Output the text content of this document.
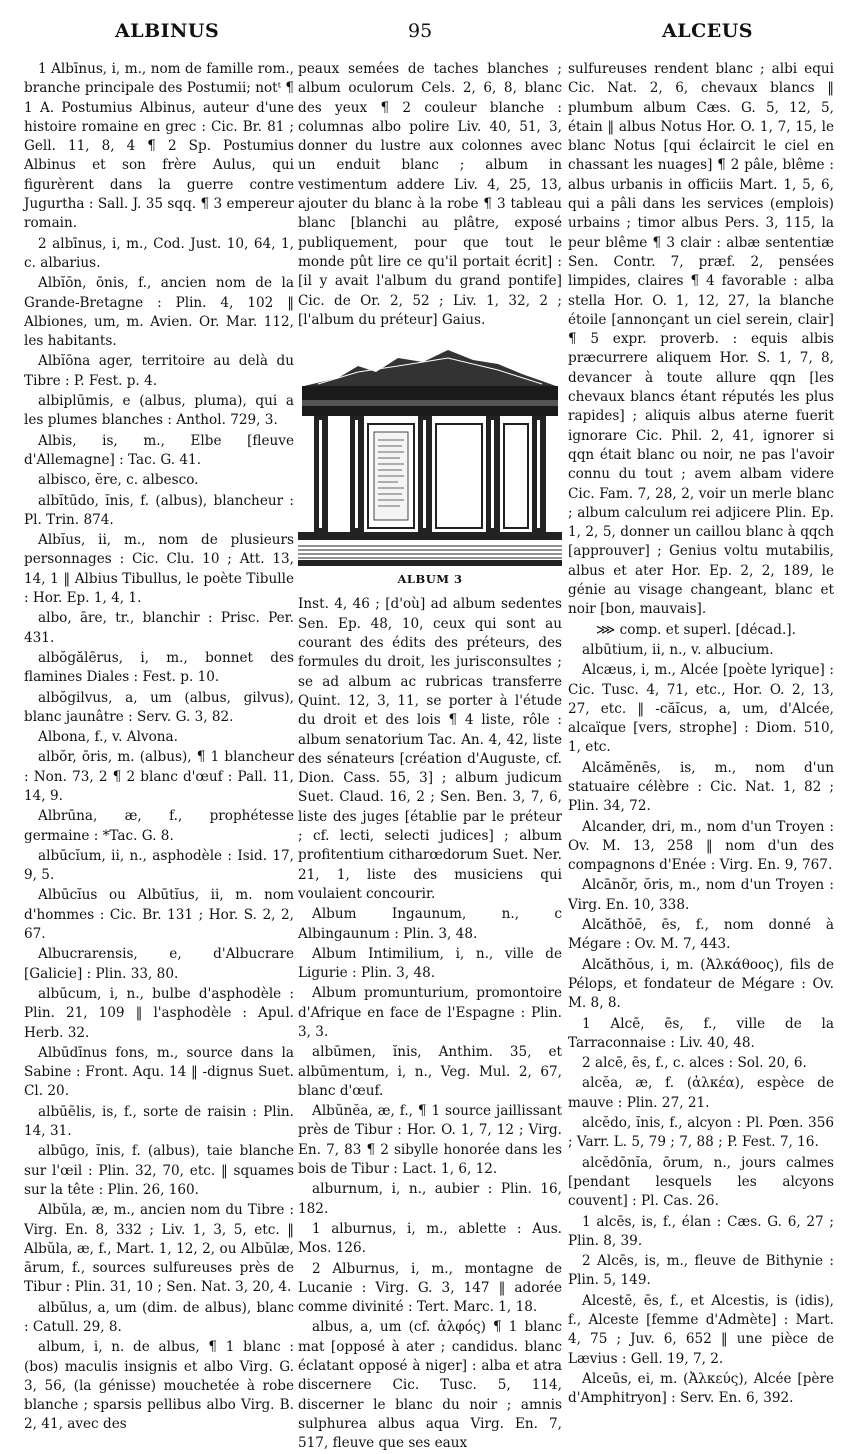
ALBINUS	95	ALCEUS

1 Albīnus, i, m., nom de famille rom., branche principale des Postumii; notᵗ ¶ 1 A. Postumius Albinus, auteur d'une histoire romaine en grec : Cic. Br. 81 ; Gell. 11, 8, 4 ¶ 2 Sp. Postumius Albinus et son frère Aulus, qui figurèrent dans la guerre contre Jugurtha : Sall. J. 35 sqq. ¶ 3 empereur romain.

2 albīnus, i, m., Cod. Just. 10, 64, 1, c. albarius.

Albĭōn, ōnis, f., ancien nom de la Grande-Bretagne : Plin. 4, 102 ‖ Albiones, um, m. Avien. Or. Mar. 112, les habitants.

Albĭōna ager, territoire au delà du Tibre : P. Fest. p. 4.

albiplūmis, e (albus, pluma), qui a les plumes blanches : Anthol. 729, 3.

Albis, is, m., Elbe [fleuve d'Allemagne] : Tac. G. 41.

albisco, ĕre, c. albesco.

albĭtūdo, ĭnis, f. (albus), blancheur : Pl. Trin. 874.

Albĭus, ii, m., nom de plusieurs personnages : Cic. Clu. 10 ; Att. 13, 14, 1 ‖ Albius Tibullus, le poète Tibulle : Hor. Ep. 1, 4, 1.

albo, āre, tr., blanchir : Prisc. Per. 431.

albŏgălērus, i, m., bonnet des flamines Diales : Fest. p. 10.

albŏgilvus, a, um (albus, gilvus), blanc jaunâtre : Serv. G. 3, 82.

Albona, f., v. Alvona.

albŏr, ōris, m. (albus), ¶ 1 blancheur : Non. 73, 2 ¶ 2 blanc d'œuf : Pall. 11, 14, 9.

Albrūna, æ, f., prophétesse germaine : *Tac. G. 8.

albūcĭum, ii, n., asphodèle : Isid. 17, 9, 5.

Albūcĭus ou Albūtĭus, ii, m. nom d'hommes : Cic. Br. 131 ; Hor. S. 2, 2, 67.

Albucrarensis, e, d'Albucrare [Galicie] : Plin. 33, 80.

albūcum, i, n., bulbe d'asphodèle : Plin. 21, 109 ‖ l'asphodèle : Apul. Herb. 32.

Albūdīnus fons, m., source dans la Sabine : Front. Aqu. 14 ‖ -dignus Suet. Cl. 20.

albūēlis, is, f., sorte de raisin : Plin. 14, 31.

albūgo, ĭnis, f. (albus), taie blanche sur l'œil : Plin. 32, 70, etc. ‖ squames sur la tête : Plin. 26, 160.

Albŭla, æ, m., ancien nom du Tibre : Virg. En. 8, 332 ; Liv. 1, 3, 5, etc. ‖ Albŭla, æ, f., Mart. 1, 12, 2, ou Albŭlæ, ārum, f., sources sulfureuses près de Tibur : Plin. 31, 10 ; Sen. Nat. 3, 20, 4.

albŭlus, a, um (dim. de albus), blanc : Catull. 29, 8.

album, i, n. de albus, ¶ 1 blanc : (bos) maculis insignis et albo Virg. G. 3, 56, (la génisse) mouchetée à robe blanche ; sparsis pellibus albo Virg. B. 2, 41, avec des

peaux semées de taches blanches ; album oculorum Cels. 2, 6, 8, blanc des yeux ¶ 2 couleur blanche : columnas albo polire Liv. 40, 51, 3, donner du lustre aux colonnes avec un enduit blanc ; album in vestimentum addere Liv. 4, 25, 13, ajouter du blanc à la robe ¶ 3 tableau blanc [blanchi au plâtre, exposé publiquement, pour que tout le monde pût lire ce qu'il portait écrit] : [il y avait l'album du grand pontife] Cic. de Or. 2, 52 ; Liv. 1, 32, 2 ; [l'album du préteur] Gaius.

ALBUM 3

Inst. 4, 46 ; [d'où] ad album sedentes Sen. Ep. 48, 10, ceux qui sont au courant des édits des préteurs, des formules du droit, les jurisconsultes ; se ad album ac rubricas transferre Quint. 12, 3, 11, se porter à l'étude du droit et des lois ¶ 4 liste, rôle : album senatorium Tac. An. 4, 42, liste des sénateurs [création d'Auguste, cf. Dion. Cass. 55, 3] ; album judicum Suet. Claud. 16, 2 ; Sen. Ben. 3, 7, 6, liste des juges [établie par le préteur ; cf. lecti, selecti judices] ; album profitentium citharœdorum Suet. Ner. 21, 1, liste des musiciens qui voulaient concourir.

Album Ingaunum, n., c Albingaunum : Plin. 3, 48.

Album Intimilium, i, n., ville de Ligurie : Plin. 3, 48.

Album promunturium, promontoire d'Afrique en face de l'Espagne : Plin. 3, 3.

albūmen, ĭnis, Anthim. 35, et albūmentum, i, n., Veg. Mul. 2, 67, blanc d'œuf.

Albŭnĕa, æ, f., ¶ 1 source jaillissant près de Tibur : Hor. O. 1, 7, 12 ; Virg. En. 7, 83 ¶ 2 sibylle honorée dans les bois de Tibur : Lact. 1, 6, 12.

alburnum, i, n., aubier : Plin. 16, 182.

1 alburnus, i, m., ablette : Aus. Mos. 126.

2 Alburnus, i, m., montagne de Lucanie : Virg. G. 3, 147 ‖ adorée comme divinité : Tert. Marc. 1, 18.

albus, a, um (cf. ἀλφός) ¶ 1 blanc mat [opposé à ater ; candidus. blanc éclatant opposé à niger] : alba et atra discernere Cic. Tusc. 5, 114, discerner le blanc du noir ; amnis sulphurea albus aqua Virg. En. 7, 517, fleuve que ses eaux

sulfureuses rendent blanc ; albi equi Cic. Nat. 2, 6, chevaux blancs ‖ plumbum album Cæs. G. 5, 12, 5, étain ‖ albus Notus Hor. O. 1, 7, 15, le blanc Notus [qui éclaircit le ciel en chassant les nuages] ¶ 2 pâle, blême : albus urbanis in officiis Mart. 1, 5, 6, qui a pâli dans les services (emplois) urbains ; timor albus Pers. 3, 115, la peur blême ¶ 3 clair : albæ sententiæ Sen. Contr. 7, præf. 2, pensées limpides, claires ¶ 4 favorable : alba stella Hor. O. 1, 12, 27, la blanche étoile [annonçant un ciel serein, clair] ¶ 5 expr. proverb. : equis albis præcurrere aliquem Hor. S. 1, 7, 8, devancer à toute allure qqn [les chevaux blancs étant réputés les plus rapides] ; aliquis albus aterne fuerit ignorare Cic. Phil. 2, 41, ignorer si qqn était blanc ou noir, ne pas l'avoir connu du tout ; avem albam videre Cic. Fam. 7, 28, 2, voir un merle blanc ; album calculum rei adjicere Plin. Ep. 1, 2, 5, donner un caillou blanc à qqch [approuver] ; Genius voltu mutabilis, albus et ater Hor. Ep. 2, 2, 189, le génie au visage changeant, blanc et noir [bon, mauvais].

⋙ comp. et superl. [décad.].

albūtium, ii, n., v. albucium.

Alcæus, i, m., Alcée [poète lyrique] : Cic. Tusc. 4, 71, etc., Hor. O. 2, 13, 27, etc. ‖ -căĭcus, a, um, d'Alcée, alcaïque [vers, strophe] : Diom. 510, 1, etc.

Alcămĕnēs, is, m., nom d'un statuaire célèbre : Cic. Nat. 1, 82 ; Plin. 34, 72.

Alcander, dri, m., nom d'un Troyen : Ov. M. 13, 258 ‖ nom d'un des compagnons d'Enée : Virg. En. 9, 767.

Alcānŏr, ŏris, m., nom d'un Troyen : Virg. En. 10, 338.

Alcăthŏē, ēs, f., nom donné à Mégare : Ov. M. 7, 443.

Alcăthŏus, i, m. (Ἀλκάθοος), fils de Pélops, et fondateur de Mégare : Ov. M. 8, 8.

1 Alcē, ēs, f., ville de la Tarraconnaise : Liv. 40, 48.

2 alcē, ēs, f., c. alces : Sol. 20, 6.

alcĕa, æ, f. (ἀλκέα), espèce de mauve : Plin. 27, 21.

alcĕdo, ĭnis, f., alcyon : Pl. Pœn. 356 ; Varr. L. 5, 79 ; 7, 88 ; P. Fest. 7, 16.

alcĕdōnĭa, ōrum, n., jours calmes [pendant lesquels les alcyons couvent] : Pl. Cas. 26.

1 alcēs, is, f., élan : Cæs. G. 6, 27 ; Plin. 8, 39.

2 Alcēs, is, m., fleuve de Bithynie : Plin. 5, 149.

Alcestē, ēs, f., et Alcestis, is (idis), f., Alceste [femme d'Admète] : Mart. 4, 75 ; Juv. 6, 652 ‖ une pièce de Lævius : Gell. 19, 7, 2.

Alceūs, ei, m. (Ἀλκεύς), Alcée [père d'Amphitryon] : Serv. En. 6, 392.
